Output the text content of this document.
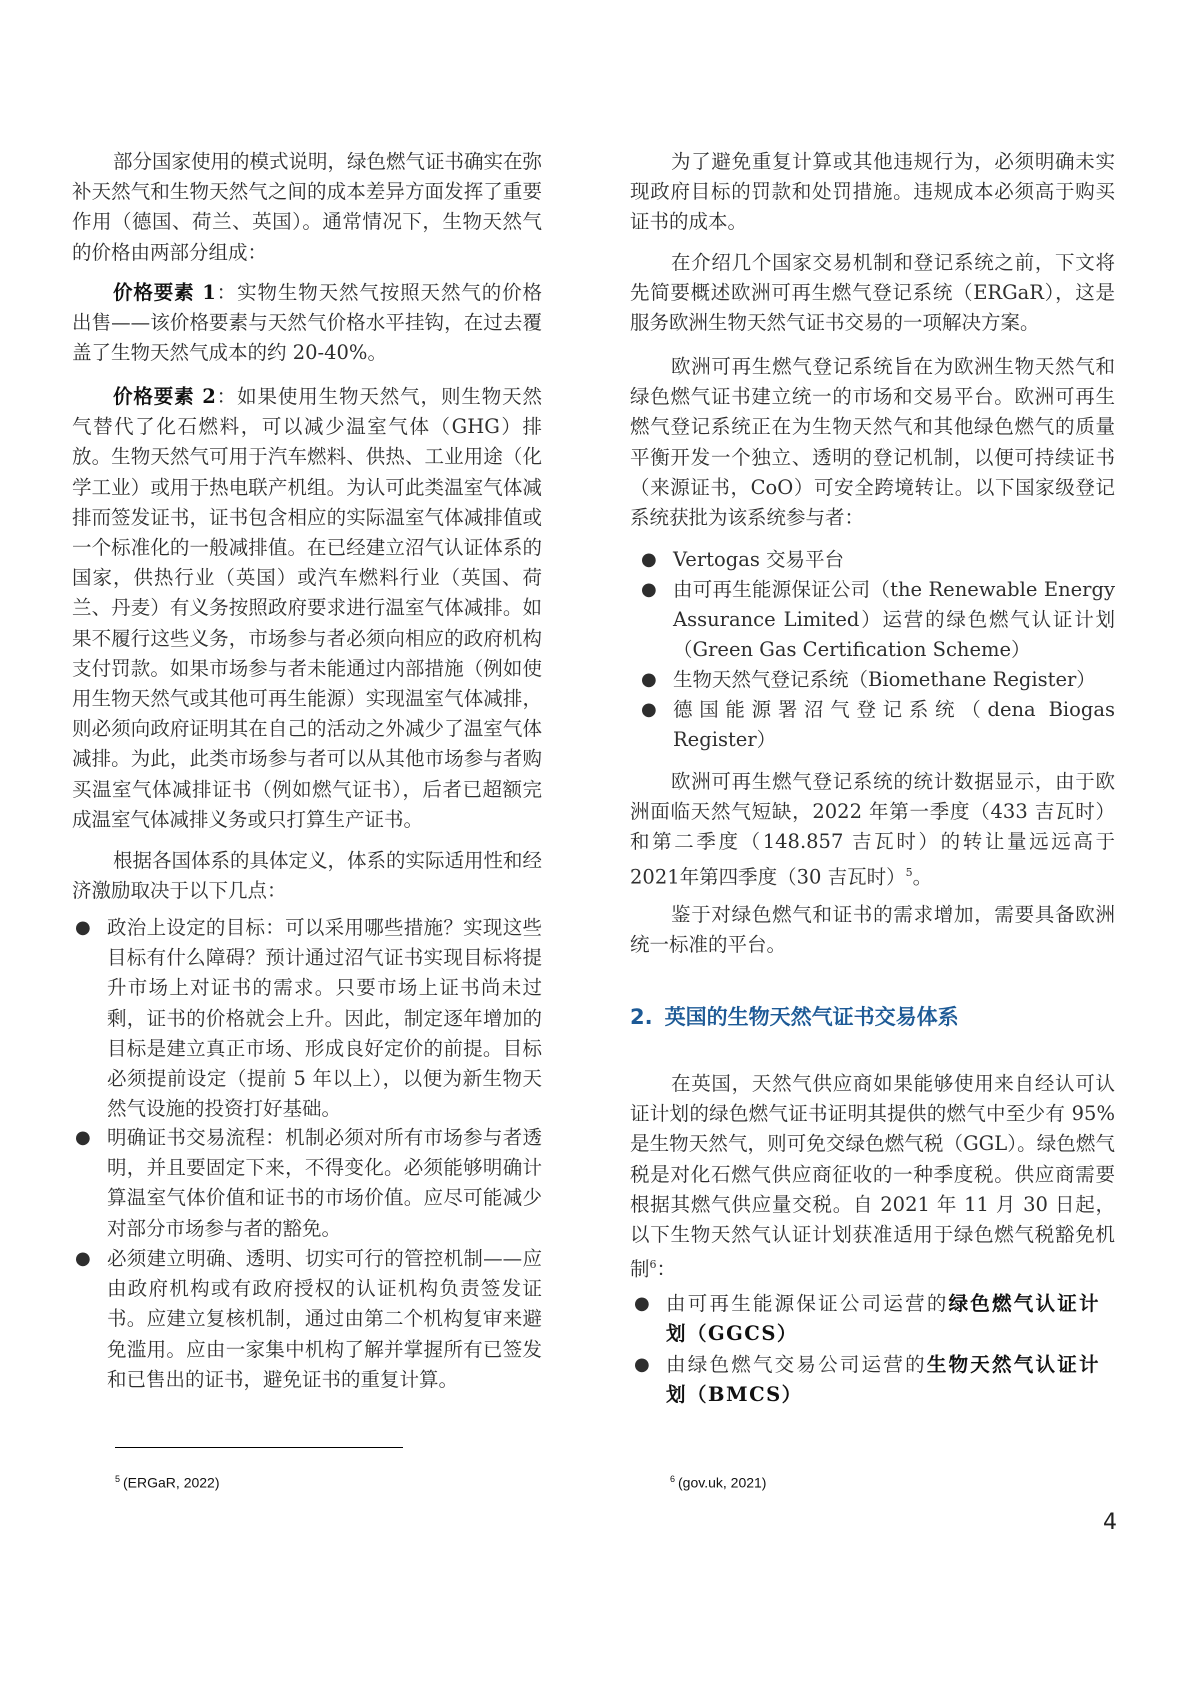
部分国家使用的模式说明，绿色燃气证书确实在弥补天然气和生物天然气之间的成本差异方面发挥了重要作用（德国、荷兰、英国）。通常情况下，生物天然气的价格由两部分组成：

价格要素 1：实物生物天然气按照天然气的价格出售——该价格要素与天然气价格水平挂钩，在过去覆盖了生物天然气成本的约 20-40%。

价格要素 2：如果使用生物天然气，则生物天然气替代了化石燃料，可以减少温室气体（GHG）排放。生物天然气可用于汽车燃料、供热、工业用途（化学工业）或用于热电联产机组。为认可此类温室气体减排而签发证书，证书包含相应的实际温室气体减排值或一个标准化的一般减排值。在已经建立沼气认证体系的国家，供热行业（英国）或汽车燃料行业（英国、荷兰、丹麦）有义务按照政府要求进行温室气体减排。如果不履行这些义务，市场参与者必须向相应的政府机构支付罚款。如果市场参与者未能通过内部措施（例如使用生物天然气或其他可再生能源）实现温室气体减排，则必须向政府证明其在自己的活动之外减少了温室气体减排。为此，此类市场参与者可以从其他市场参与者购买温室气体减排证书（例如燃气证书），后者已超额完成温室气体减排义务或只打算生产证书。

根据各国体系的具体定义，体系的实际适用性和经济激励取决于以下几点：

● 政治上设定的目标：可以采用哪些措施？实现这些目标有什么障碍？预计通过沼气证书实现目标将提升市场上对证书的需求。只要市场上证书尚未过剩，证书的价格就会上升。因此，制定逐年增加的目标是建立真正市场、形成良好定价的前提。目标必须提前设定（提前 5 年以上），以便为新生物天然气设施的投资打好基础。
● 明确证书交易流程：机制必须对所有市场参与者透明，并且要固定下来，不得变化。必须能够明确计算温室气体价值和证书的市场价值。应尽可能减少对部分市场参与者的豁免。
● 必须建立明确、透明、切实可行的管控机制——应由政府机构或有政府授权的认证机构负责签发证书。应建立复核机制，通过由第二个机构复审来避免滥用。应由一家集中机构了解并掌握所有已签发和已售出的证书，避免证书的重复计算。

为了避免重复计算或其他违规行为，必须明确未实现政府目标的罚款和处罚措施。违规成本必须高于购买证书的成本。

在介绍几个国家交易机制和登记系统之前，下文将先简要概述欧洲可再生燃气登记系统（ERGaR），这是服务欧洲生物天然气证书交易的一项解决方案。

欧洲可再生燃气登记系统旨在为欧洲生物天然气和绿色燃气证书建立统一的市场和交易平台。欧洲可再生燃气登记系统正在为生物天然气和其他绿色燃气的质量平衡开发一个独立、透明的登记机制，以便可持续证书（来源证书，CoO）可安全跨境转让。以下国家级登记系统获批为该系统参与者：

● Vertogas 交易平台
● 由可再生能源保证公司（the Renewable Energy Assurance Limited）运营的绿色燃气认证计划（Green Gas Certification Scheme）
● 生物天然气登记系统（Biomethane Register）
● 德国能源署沼气登记系统（dena Biogas Register）

欧洲可再生燃气登记系统的统计数据显示，由于欧洲面临天然气短缺，2022 年第一季度（433 吉瓦时）和第二季度（148.857 吉瓦时）的转让量远远高于2021年第四季度（30 吉瓦时）$^5$。

鉴于对绿色燃气和证书的需求增加，需要具备欧洲统一标准的平台。

2. 英国的生物天然气证书交易体系

在英国，天然气供应商如果能够使用来自经认可认证计划的绿色燃气证书证明其提供的燃气中至少有 95% 是生物天然气，则可免交绿色燃气税（GGL）。绿色燃气税是对化石燃气供应商征收的一种季度税。供应商需要根据其燃气供应量交税。自 2021 年 11 月 30 日起，以下生物天然气认证计划获准适用于绿色燃气税豁免机制$^6$：

● 由可再生能源保证公司运营的绿色燃气认证计划（GGCS）
● 由绿色燃气交易公司运营的生物天然气认证计划（BMCS）
$^5$ (ERGaR, 2022)	$^6$ (gov.uk, 2021)
4
